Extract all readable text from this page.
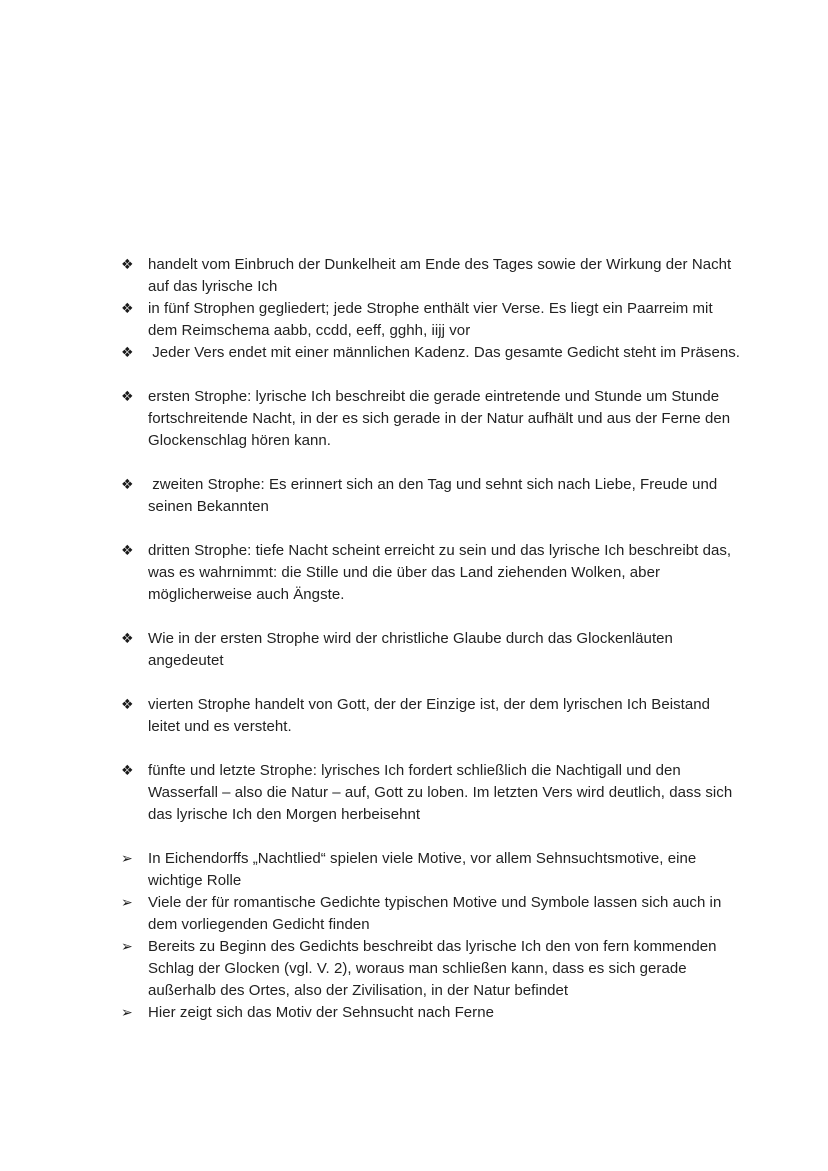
❖ handelt vom Einbruch der Dunkelheit am Ende des Tages sowie der Wirkung der Nacht auf das lyrische Ich
❖ in fünf Strophen gegliedert; jede Strophe enthält vier Verse. Es liegt ein Paarreim mit dem Reimschema aabb, ccdd, eeff, gghh, iijj vor
❖ Jeder Vers endet mit einer männlichen Kadenz. Das gesamte Gedicht steht im Präsens.
❖ ersten Strophe: lyrische Ich beschreibt die gerade eintretende und Stunde um Stunde fortschreitende Nacht, in der es sich gerade in der Natur aufhält und aus der Ferne den Glockenschlag hören kann.
❖ zweiten Strophe: Es erinnert sich an den Tag und sehnt sich nach Liebe, Freude und seinen Bekannten
❖ dritten Strophe: tiefe Nacht scheint erreicht zu sein und das lyrische Ich beschreibt das, was es wahrnimmt: die Stille und die über das Land ziehenden Wolken, aber möglicherweise auch Ängste.
❖ Wie in der ersten Strophe wird der christliche Glaube durch das Glockenläuten angedeutet
❖ vierten Strophe handelt von Gott, der der Einzige ist, der dem lyrischen Ich Beistand leitet und es versteht.
❖ fünfte und letzte Strophe: lyrisches Ich fordert schließlich die Nachtigall und den Wasserfall – also die Natur – auf, Gott zu loben. Im letzten Vers wird deutlich, dass sich das lyrische Ich den Morgen herbeisehnt
➢ In Eichendorffs „Nachtlied“ spielen viele Motive, vor allem Sehnsuchtsmotive, eine wichtige Rolle
➢ Viele der für romantische Gedichte typischen Motive und Symbole lassen sich auch in dem vorliegenden Gedicht finden
➢ Bereits zu Beginn des Gedichts beschreibt das lyrische Ich den von fern kommenden Schlag der Glocken (vgl. V. 2), woraus man schließen kann, dass es sich gerade außerhalb des Ortes, also der Zivilisation, in der Natur befindet
➢ Hier zeigt sich das Motiv der Sehnsucht nach Ferne
